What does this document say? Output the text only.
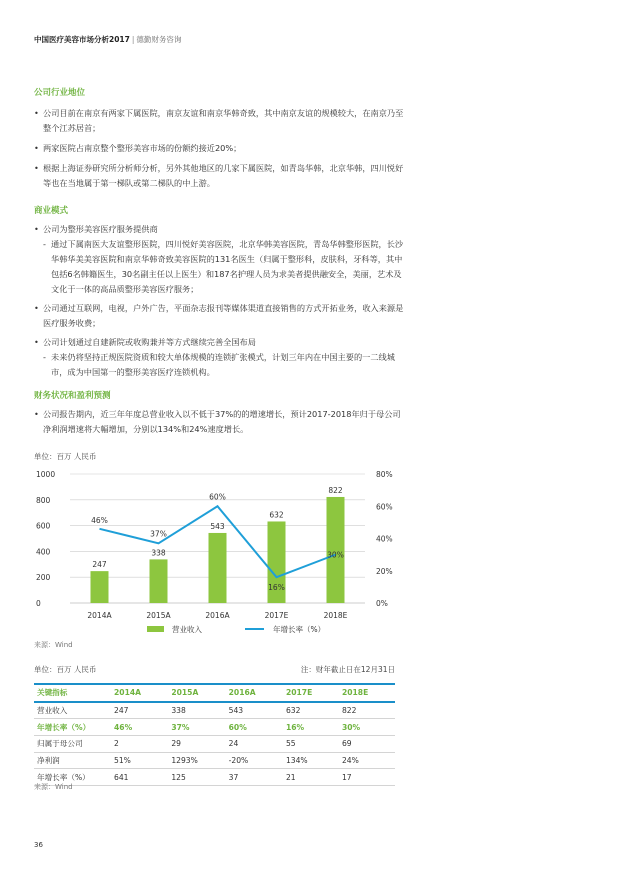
中国医疗美容市场分析2017 | 德勤财务咨询
公司行业地位
• 公司目前在南京有两家下属医院，南京友谊和南京华韩奇致，其中南京友谊的规模较大，在南京乃至整个江苏居首；
• 两家医院占南京整个整形美容市场的份额约接近20%；
• 根据上海证券研究所分析师分析，另外其他地区的几家下属医院，如青岛华韩，北京华韩，四川悦好等也在当地属于第一梯队或第二梯队的中上游。
商业模式
• 公司为整形美容医疗服务提供商
- 通过下属南医大友谊整形医院，四川悦好美容医院，北京华韩美容医院，青岛华韩整形医院，长沙华韩华美美容医院和南京华韩奇致美容医院的131名医生（归属于整形科，皮肤科，牙科等，其中包括6名韩籍医生，30名副主任以上医生）和187名护理人员为求美者提供融安全，美丽，艺术及文化于一体的高品质整形美容医疗服务；
• 公司通过互联网，电视，户外广告，平面杂志报刊等媒体渠道直接销售的方式开拓业务，收入来源是医疗服务收费；
• 公司计划通过自建新院或收购兼并等方式继续完善全国布局
- 未来仍将坚持正规医院资质和较大单体规模的连锁扩张模式，计划三年内在中国主要的一二线城市，成为中国第一的整形美容医疗连锁机构。
财务状况和盈利预测
• 公司报告期内，近三年年度总营业收入以不低于37%的的增速增长，预计2017-2018年归于母公司净利润增速将大幅增加，分别以134%和24%速度增长。
单位：百万 人民币
0
200
400
600
800
1000
0%
20%
40%
60%
80%
247
338
543
632
822
46%
37%
60%
16%
30%
2014A	2015A	2016A	2017E	2018E
营业收入	年增长率（%）
来源：Wind
单位：百万 人民币	注：财年截止日在12月31日
关键指标	2014A	2015A	2016A	2017E	2018E
营业收入	247	338	543	632	822
年增长率（%）	46%	37%	60%	16%	30%
归属于母公司	2	29	24	55	69
净利润	51%	1293%	-20%	134%	24%
年增长率（%）	641	125	37	21	17
来源：Wind
36
